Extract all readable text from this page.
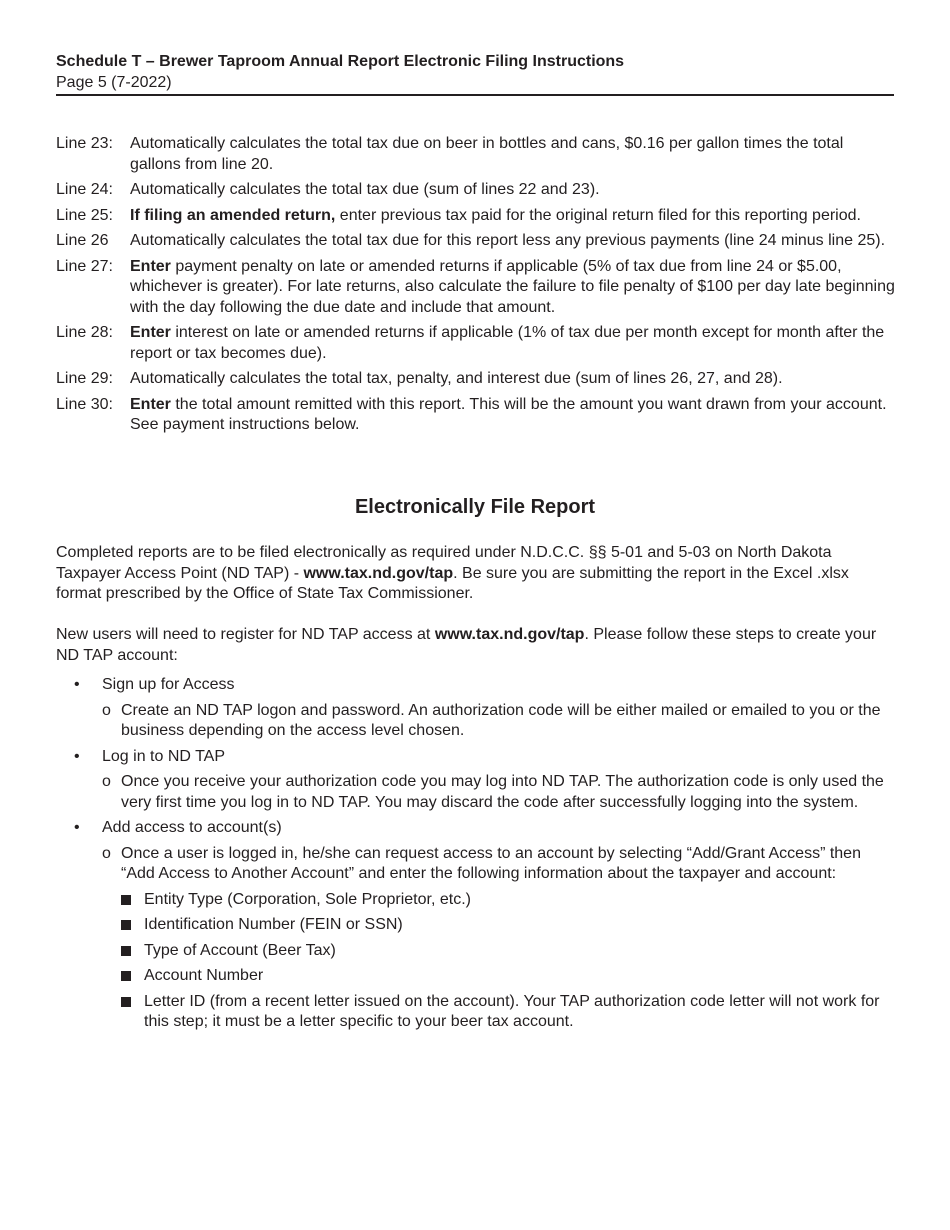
Schedule T – Brewer Taproom Annual Report Electronic Filing Instructions
Page 5 (7-2022)
Line 23:	Automatically calculates the total tax due on beer in bottles and cans, $0.16 per gallon times the total gallons from line 20.
Line 24:	Automatically calculates the total tax due (sum of lines 22 and 23).
Line 25:	If filing an amended return, enter previous tax paid for the original return filed for this reporting period.
Line 26	Automatically calculates the total tax due for this report less any previous payments (line 24 minus line 25).
Line 27:	Enter payment penalty on late or amended returns if applicable (5% of tax due from line 24 or $5.00, whichever is greater). For late returns, also calculate the failure to file penalty of $100 per day late beginning with the day following the due date and include that amount.
Line 28:	Enter interest on late or amended returns if applicable (1% of tax due per month except for month after the report or tax becomes due).
Line 29:	Automatically calculates the total tax, penalty, and interest due (sum of lines 26, 27, and 28).
Line 30:	Enter the total amount remitted with this report. This will be the amount you want drawn from your account. See payment instructions below.
Electronically File Report

Completed reports are to be filed electronically as required under N.D.C.C. §§ 5-01 and 5-03 on North Dakota Taxpayer Access Point (ND TAP) - www.tax.nd.gov/tap. Be sure you are submitting the report in the Excel .xlsx format prescribed by the Office of State Tax Commissioner.

New users will need to register for ND TAP access at www.tax.nd.gov/tap. Please follow these steps to create your ND TAP account:

•	Sign up for Access
o Create an ND TAP logon and password. An authorization code will be either mailed or emailed to you or the business depending on the access level chosen.
•	Log in to ND TAP
o Once you receive your authorization code you may log into ND TAP. The authorization code is only used the very first time you log in to ND TAP. You may discard the code after successfully logging into the system.
•	Add access to account(s)
o Once a user is logged in, he/she can request access to an account by selecting “Add/Grant Access” then “Add Access to Another Account” and enter the following information about the taxpayer and account:
Entity Type (Corporation, Sole Proprietor, etc.)
Identification Number (FEIN or SSN)
Type of Account (Beer Tax)
Account Number
Letter ID (from a recent letter issued on the account). Your TAP authorization code letter will not work for this step; it must be a letter specific to your beer tax account.
